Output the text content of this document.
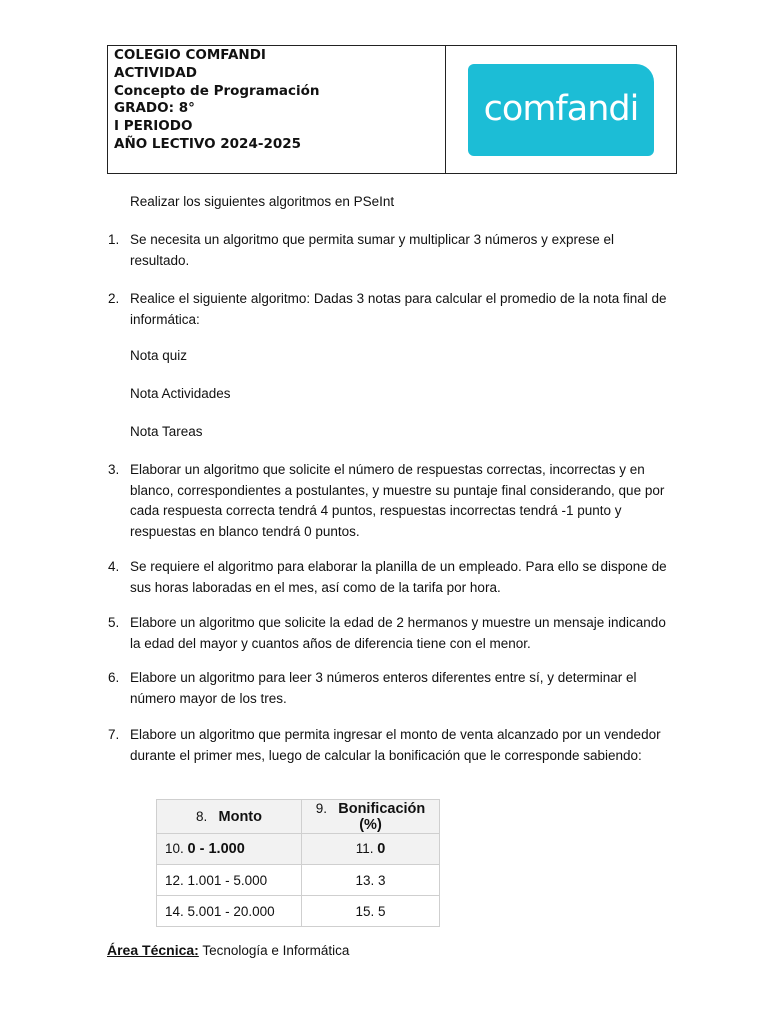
COLEGIO COMFANDI
ACTIVIDAD
Concepto de Programación
GRADO: 8°
I PERIODO
AÑO LECTIVO 2024-2025
comfandi
Realizar los siguientes algoritmos en PSeInt
1. Se necesita un algoritmo que permita sumar y multiplicar 3 números y exprese el resultado.
2. Realice el siguiente algoritmo: Dadas 3 notas para calcular el promedio de la nota final de informática:
Nota quiz
Nota Actividades
Nota Tareas
3. Elaborar un algoritmo que solicite el número de respuestas correctas, incorrectas y en blanco, correspondientes a postulantes, y muestre su puntaje final considerando, que por cada respuesta correcta tendrá 4 puntos, respuestas incorrectas tendrá -1 punto y respuestas en blanco tendrá 0 puntos.
4. Se requiere el algoritmo para elaborar la planilla de un empleado. Para ello se dispone de sus horas laboradas en el mes, así como de la tarifa por hora.
5. Elabore un algoritmo que solicite la edad de 2 hermanos y muestre un mensaje indicando la edad del mayor y cuantos años de diferencia tiene con el menor.
6. Elabore un algoritmo para leer 3 números enteros diferentes entre sí, y determinar el número mayor de los tres.
7. Elabore un algoritmo que permita ingresar el monto de venta alcanzado por un vendedor durante el primer mes, luego de calcular la bonificación que le corresponde sabiendo:
8. Monto	9. Bonificación (%)
10. 0 - 1.000	11. 0
12. 1.001 - 5.000	13. 3
14. 5.001 - 20.000	15. 5
Área Técnica: Tecnología e Informática
